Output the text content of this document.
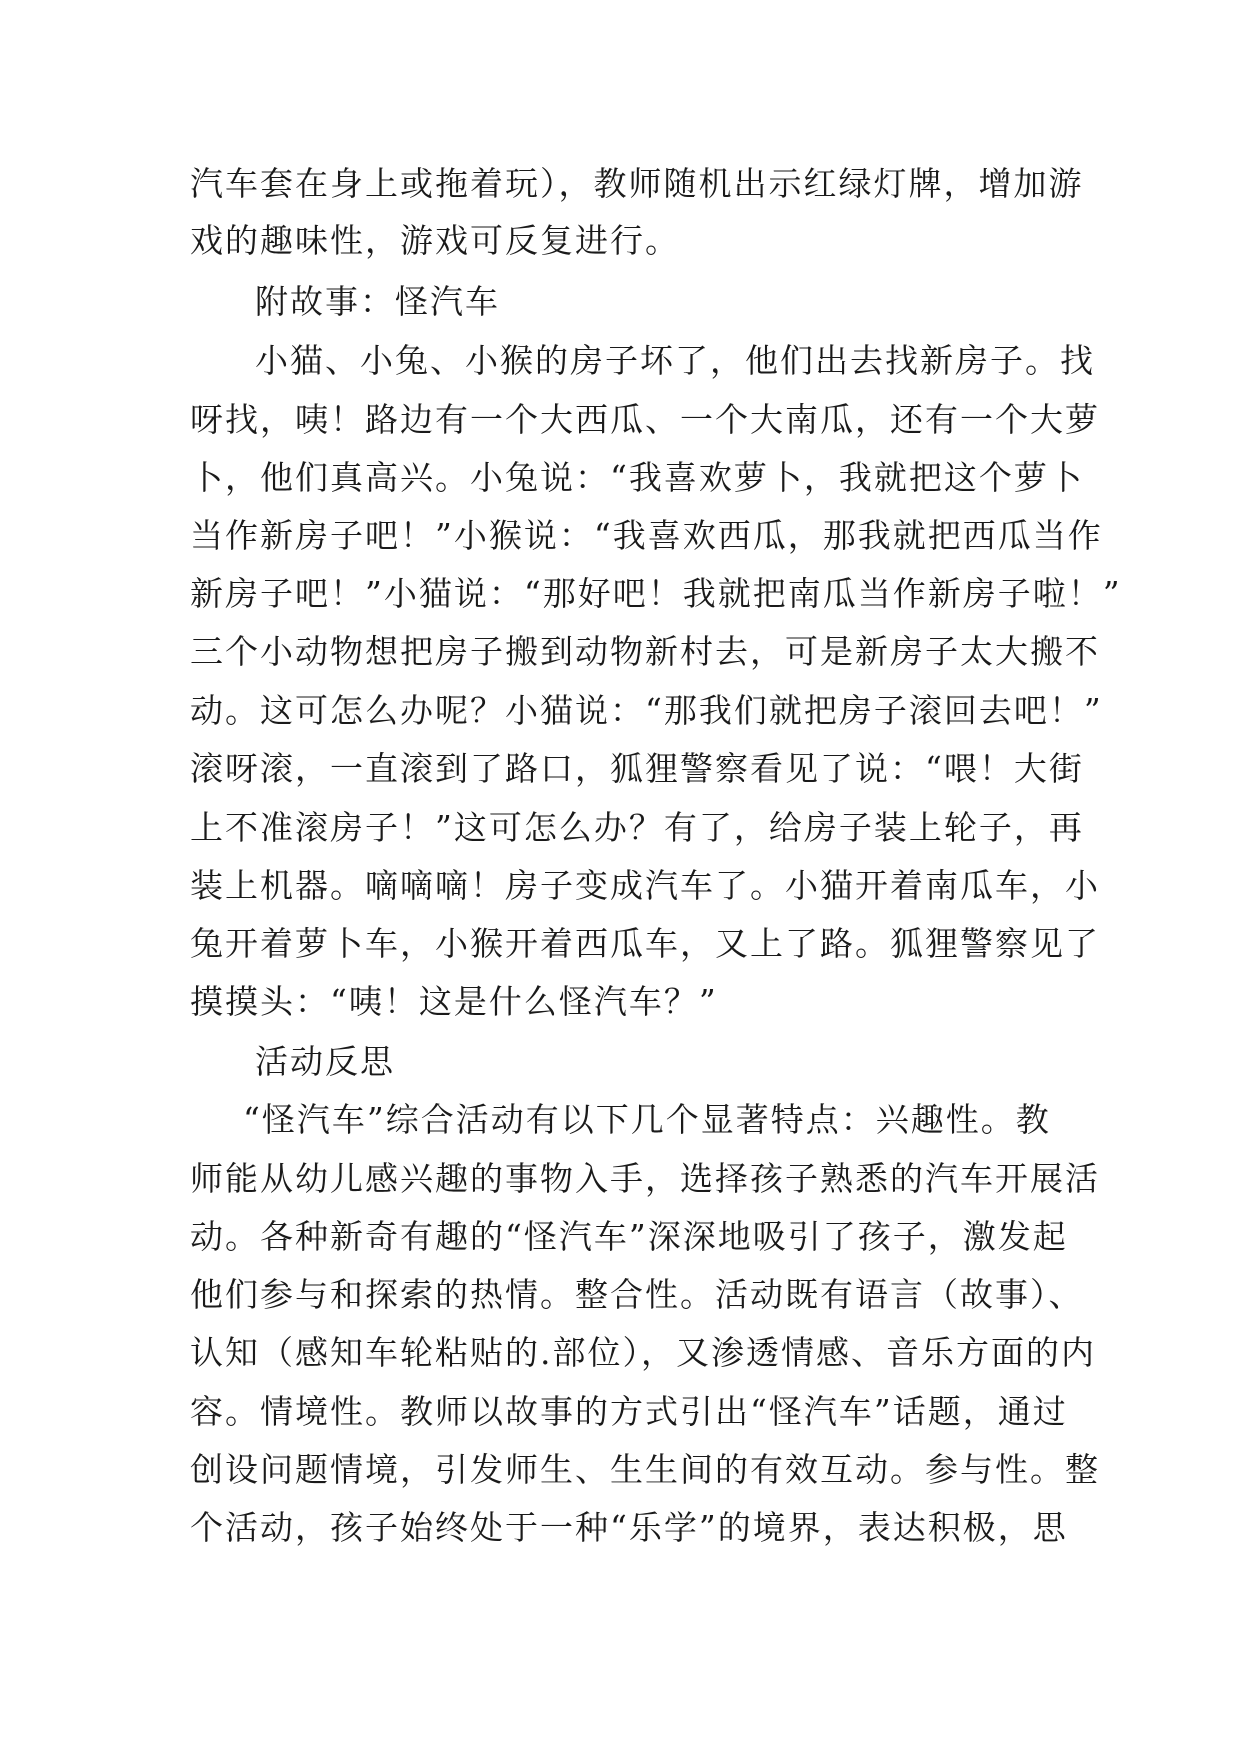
汽车套在身上或拖着玩），教师随机出示红绿灯牌，增加游
戏的趣味性，游戏可反复进行。
附故事：怪汽车
小猫、小兔、小猴的房子坏了，他们出去找新房子。找
呀找，咦！路边有一个大西瓜、一个大南瓜，还有一个大萝
卜，他们真高兴。小兔说：“我喜欢萝卜，我就把这个萝卜
当作新房子吧！”小猴说：“我喜欢西瓜，那我就把西瓜当作
新房子吧！”小猫说：“那好吧！我就把南瓜当作新房子啦！”
三个小动物想把房子搬到动物新村去，可是新房子太大搬不
动。这可怎么办呢？小猫说：“那我们就把房子滚回去吧！”
滚呀滚，一直滚到了路口，狐狸警察看见了说：“喂！大街
上不准滚房子！”这可怎么办？有了，给房子装上轮子，再
装上机器。嘀嘀嘀！房子变成汽车了。小猫开着南瓜车，小
兔开着萝卜车，小猴开着西瓜车，又上了路。狐狸警察见了
摸摸头：“咦！这是什么怪汽车？”
活动反思
“怪汽车”综合活动有以下几个显著特点：兴趣性。教
师能从幼儿感兴趣的事物入手，选择孩子熟悉的汽车开展活
动。各种新奇有趣的“怪汽车”深深地吸引了孩子，激发起
他们参与和探索的热情。整合性。活动既有语言（故事）、
认知（感知车轮粘贴的.部位），又渗透情感、音乐方面的内
容。情境性。教师以故事的方式引出“怪汽车”话题，通过
创设问题情境，引发师生、生生间的有效互动。参与性。整
个活动，孩子始终处于一种“乐学”的境界，表达积极，思
